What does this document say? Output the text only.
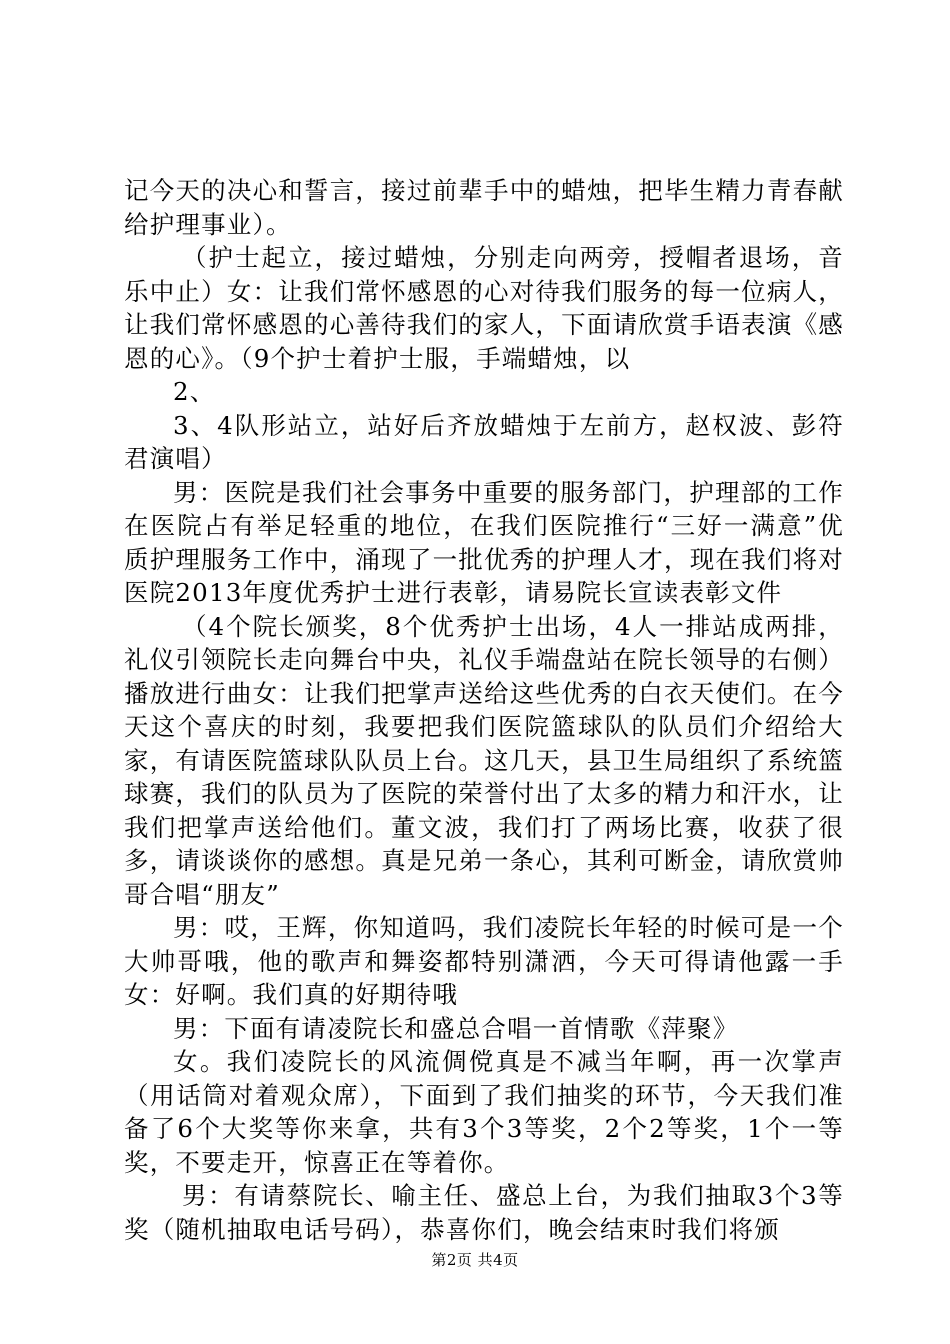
记今天的决心和誓言，接过前辈手中的蜡烛，把毕生精力青春献给护理事业）。

（护士起立，接过蜡烛，分别走向两旁，授帽者退场，音乐中止）女：让我们常怀感恩的心对待我们服务的每一位病人，让我们常怀感恩的心善待我们的家人，下面请欣赏手语表演《感恩的心》。（9个护士着护士服，手端蜡烛，以

2、

3、4队形站立，站好后齐放蜡烛于左前方，赵权波、彭符君演唱）

男：医院是我们社会事务中重要的服务部门，护理部的工作在医院占有举足轻重的地位，在我们医院推行“三好一满意”优质护理服务工作中，涌现了一批优秀的护理人才，现在我们将对医院2013年度优秀护士进行表彰，请易院长宣读表彰文件

（4个院长颁奖，8个优秀护士出场，4人一排站成两排，礼仪引领院长走向舞台中央，礼仪手端盘站在院长领导的右侧）播放进行曲女：让我们把掌声送给这些优秀的白衣天使们。在今天这个喜庆的时刻，我要把我们医院篮球队的队员们介绍给大家，有请医院篮球队队员上台。这几天，县卫生局组织了系统篮球赛，我们的队员为了医院的荣誉付出了太多的精力和汗水，让我们把掌声送给他们。董文波，我们打了两场比赛，收获了很多，请谈谈你的感想。真是兄弟一条心，其利可断金，请欣赏帅哥合唱“朋友”

男：哎，王辉，你知道吗，我们凌院长年轻的时候可是一个大帅哥哦，他的歌声和舞姿都特别潇洒，今天可得请他露一手女：好啊。我们真的好期待哦

男：下面有请凌院长和盛总合唱一首情歌《萍聚》

女。我们凌院长的风流倜傥真是不减当年啊，再一次掌声（用话筒对着观众席），下面到了我们抽奖的环节，今天我们准备了6个大奖等你来拿，共有3个3等奖，2个2等奖，1个一等奖，不要走开，惊喜正在等着你。

男：有请蔡院长、喻主任、盛总上台，为我们抽取3个3等奖（随机抽取电话号码），恭喜你们，晚会结束时我们将颁

第2页 共4页
